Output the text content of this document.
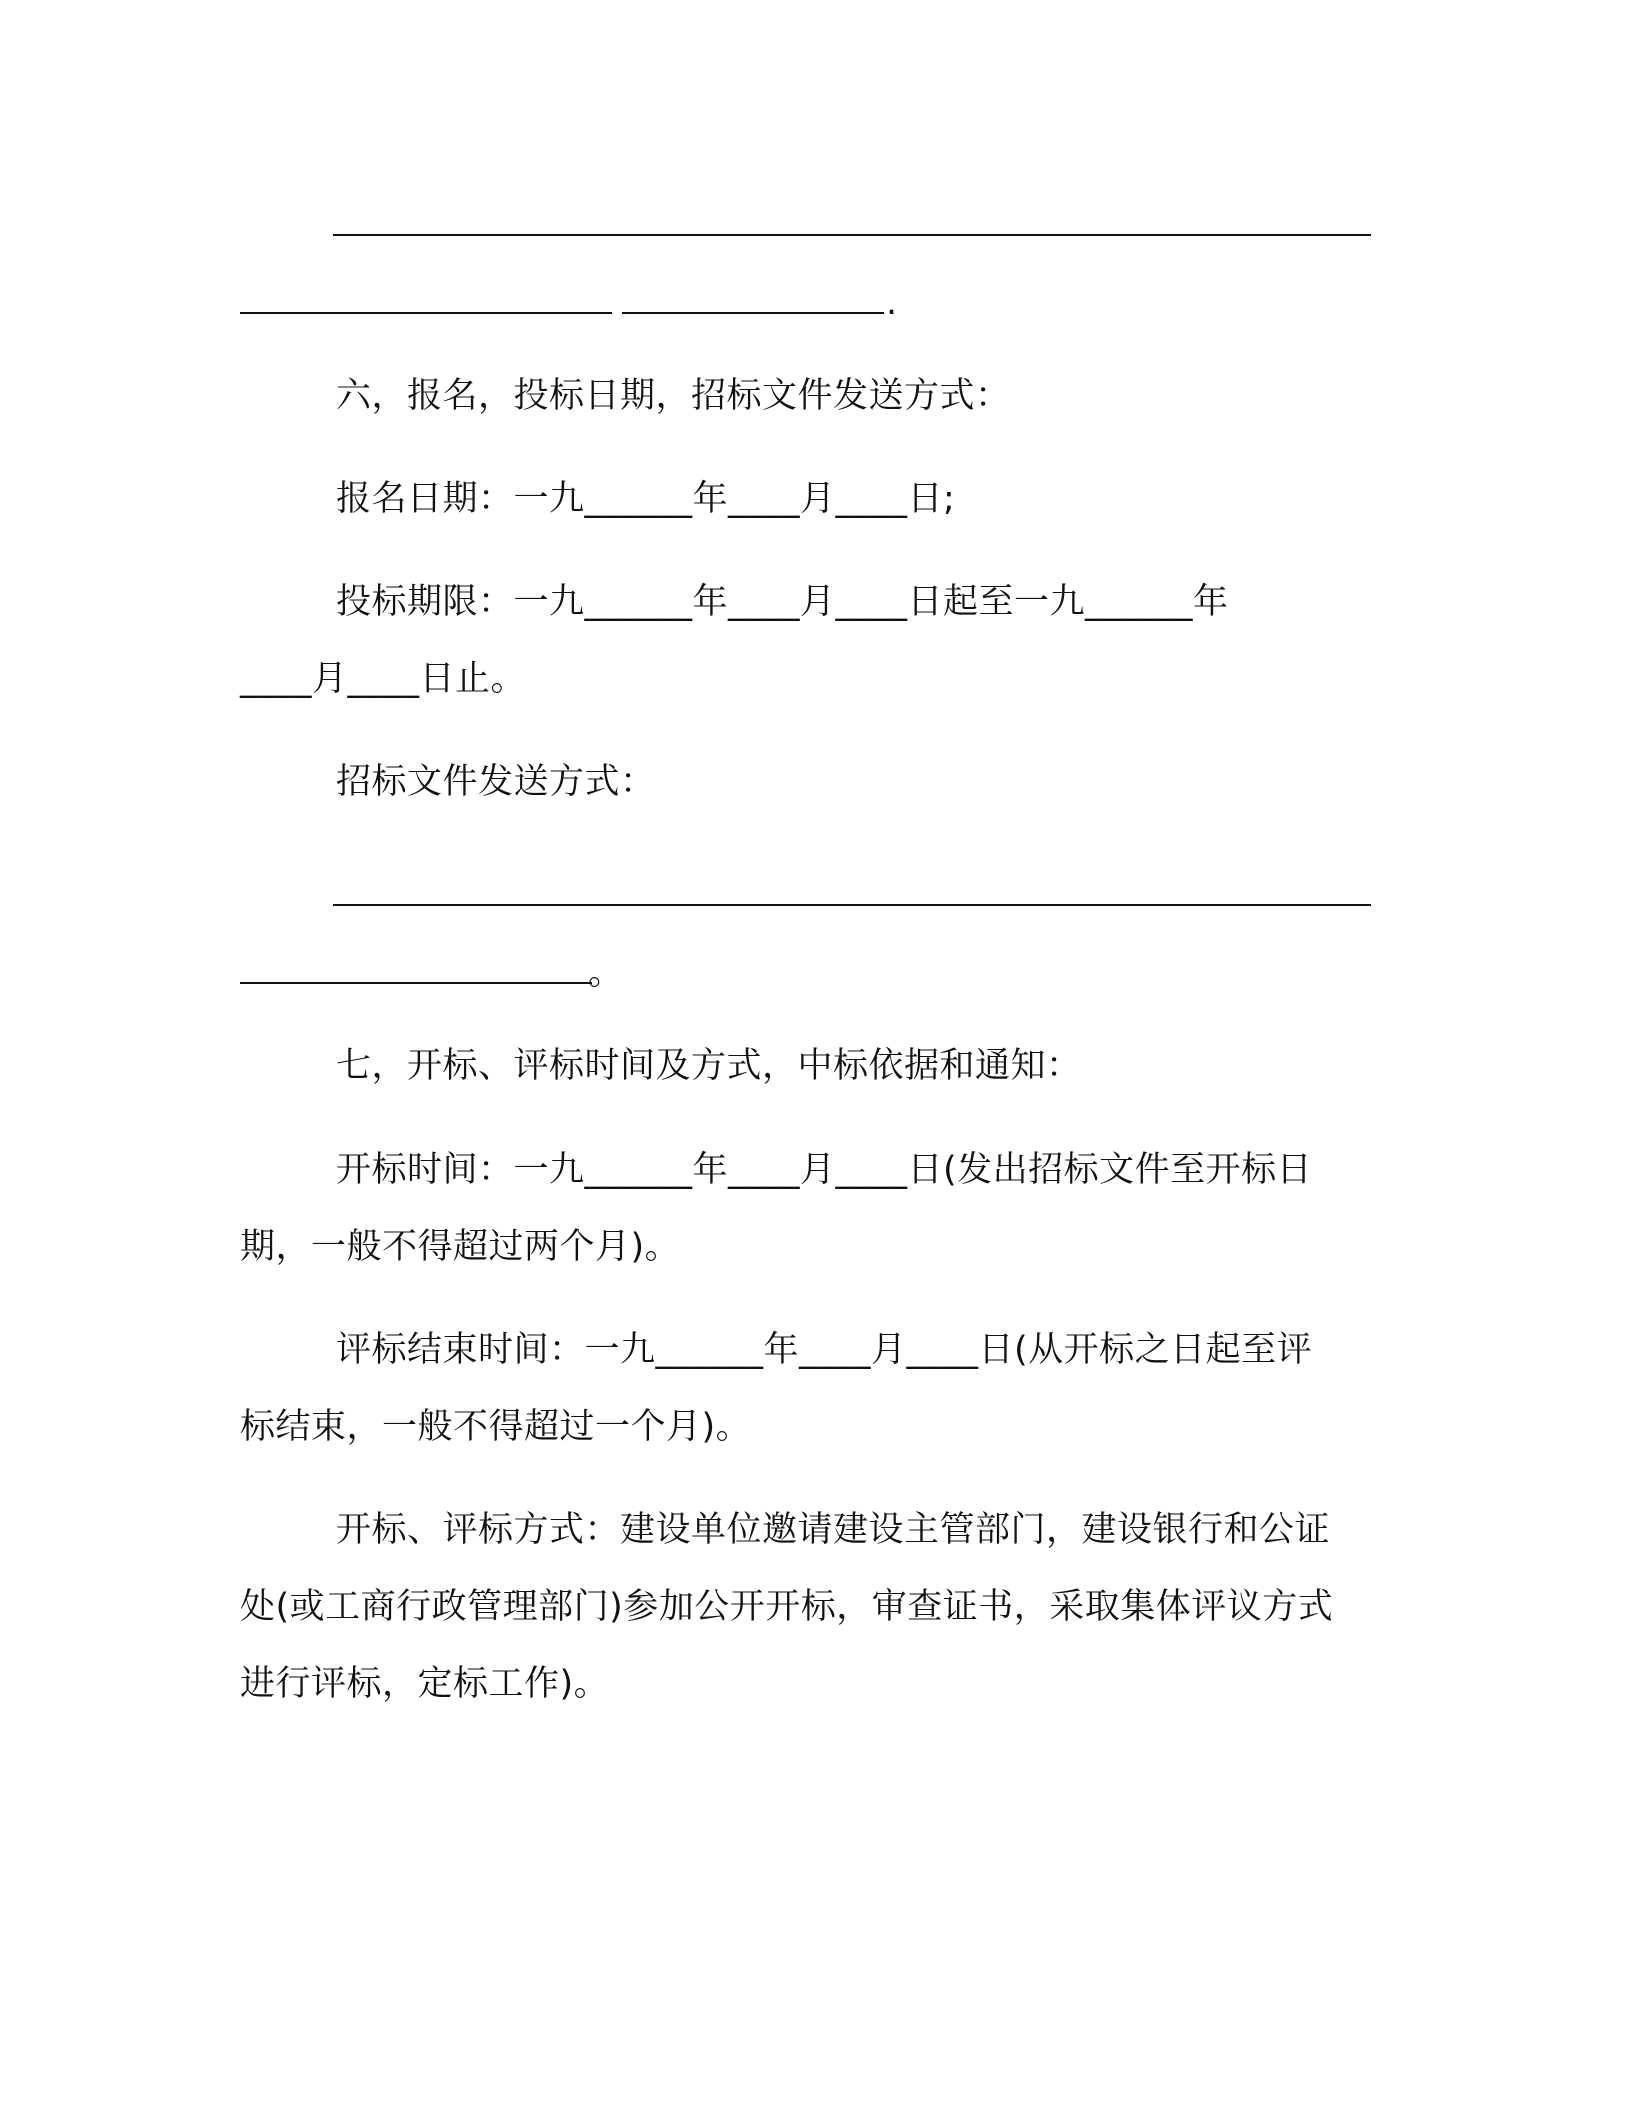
.
六，报名，投标日期，招标文件发送方式：
报名日期：一九______年____月____日;
投标期限：一九______年____月____日起至一九______年
____月____日止。
招标文件发送方式：
。
七，开标、评标时间及方式，中标依据和通知：
开标时间：一九______年____月____日(发出招标文件至开标日
期，一般不得超过两个月)。
评标结束时间：一九______年____月____日(从开标之日起至评
标结束，一般不得超过一个月)。
开标、评标方式：建设单位邀请建设主管部门，建设银行和公证
处(或工商行政管理部门)参加公开开标，审查证书，采取集体评议方式
进行评标，定标工作)。
